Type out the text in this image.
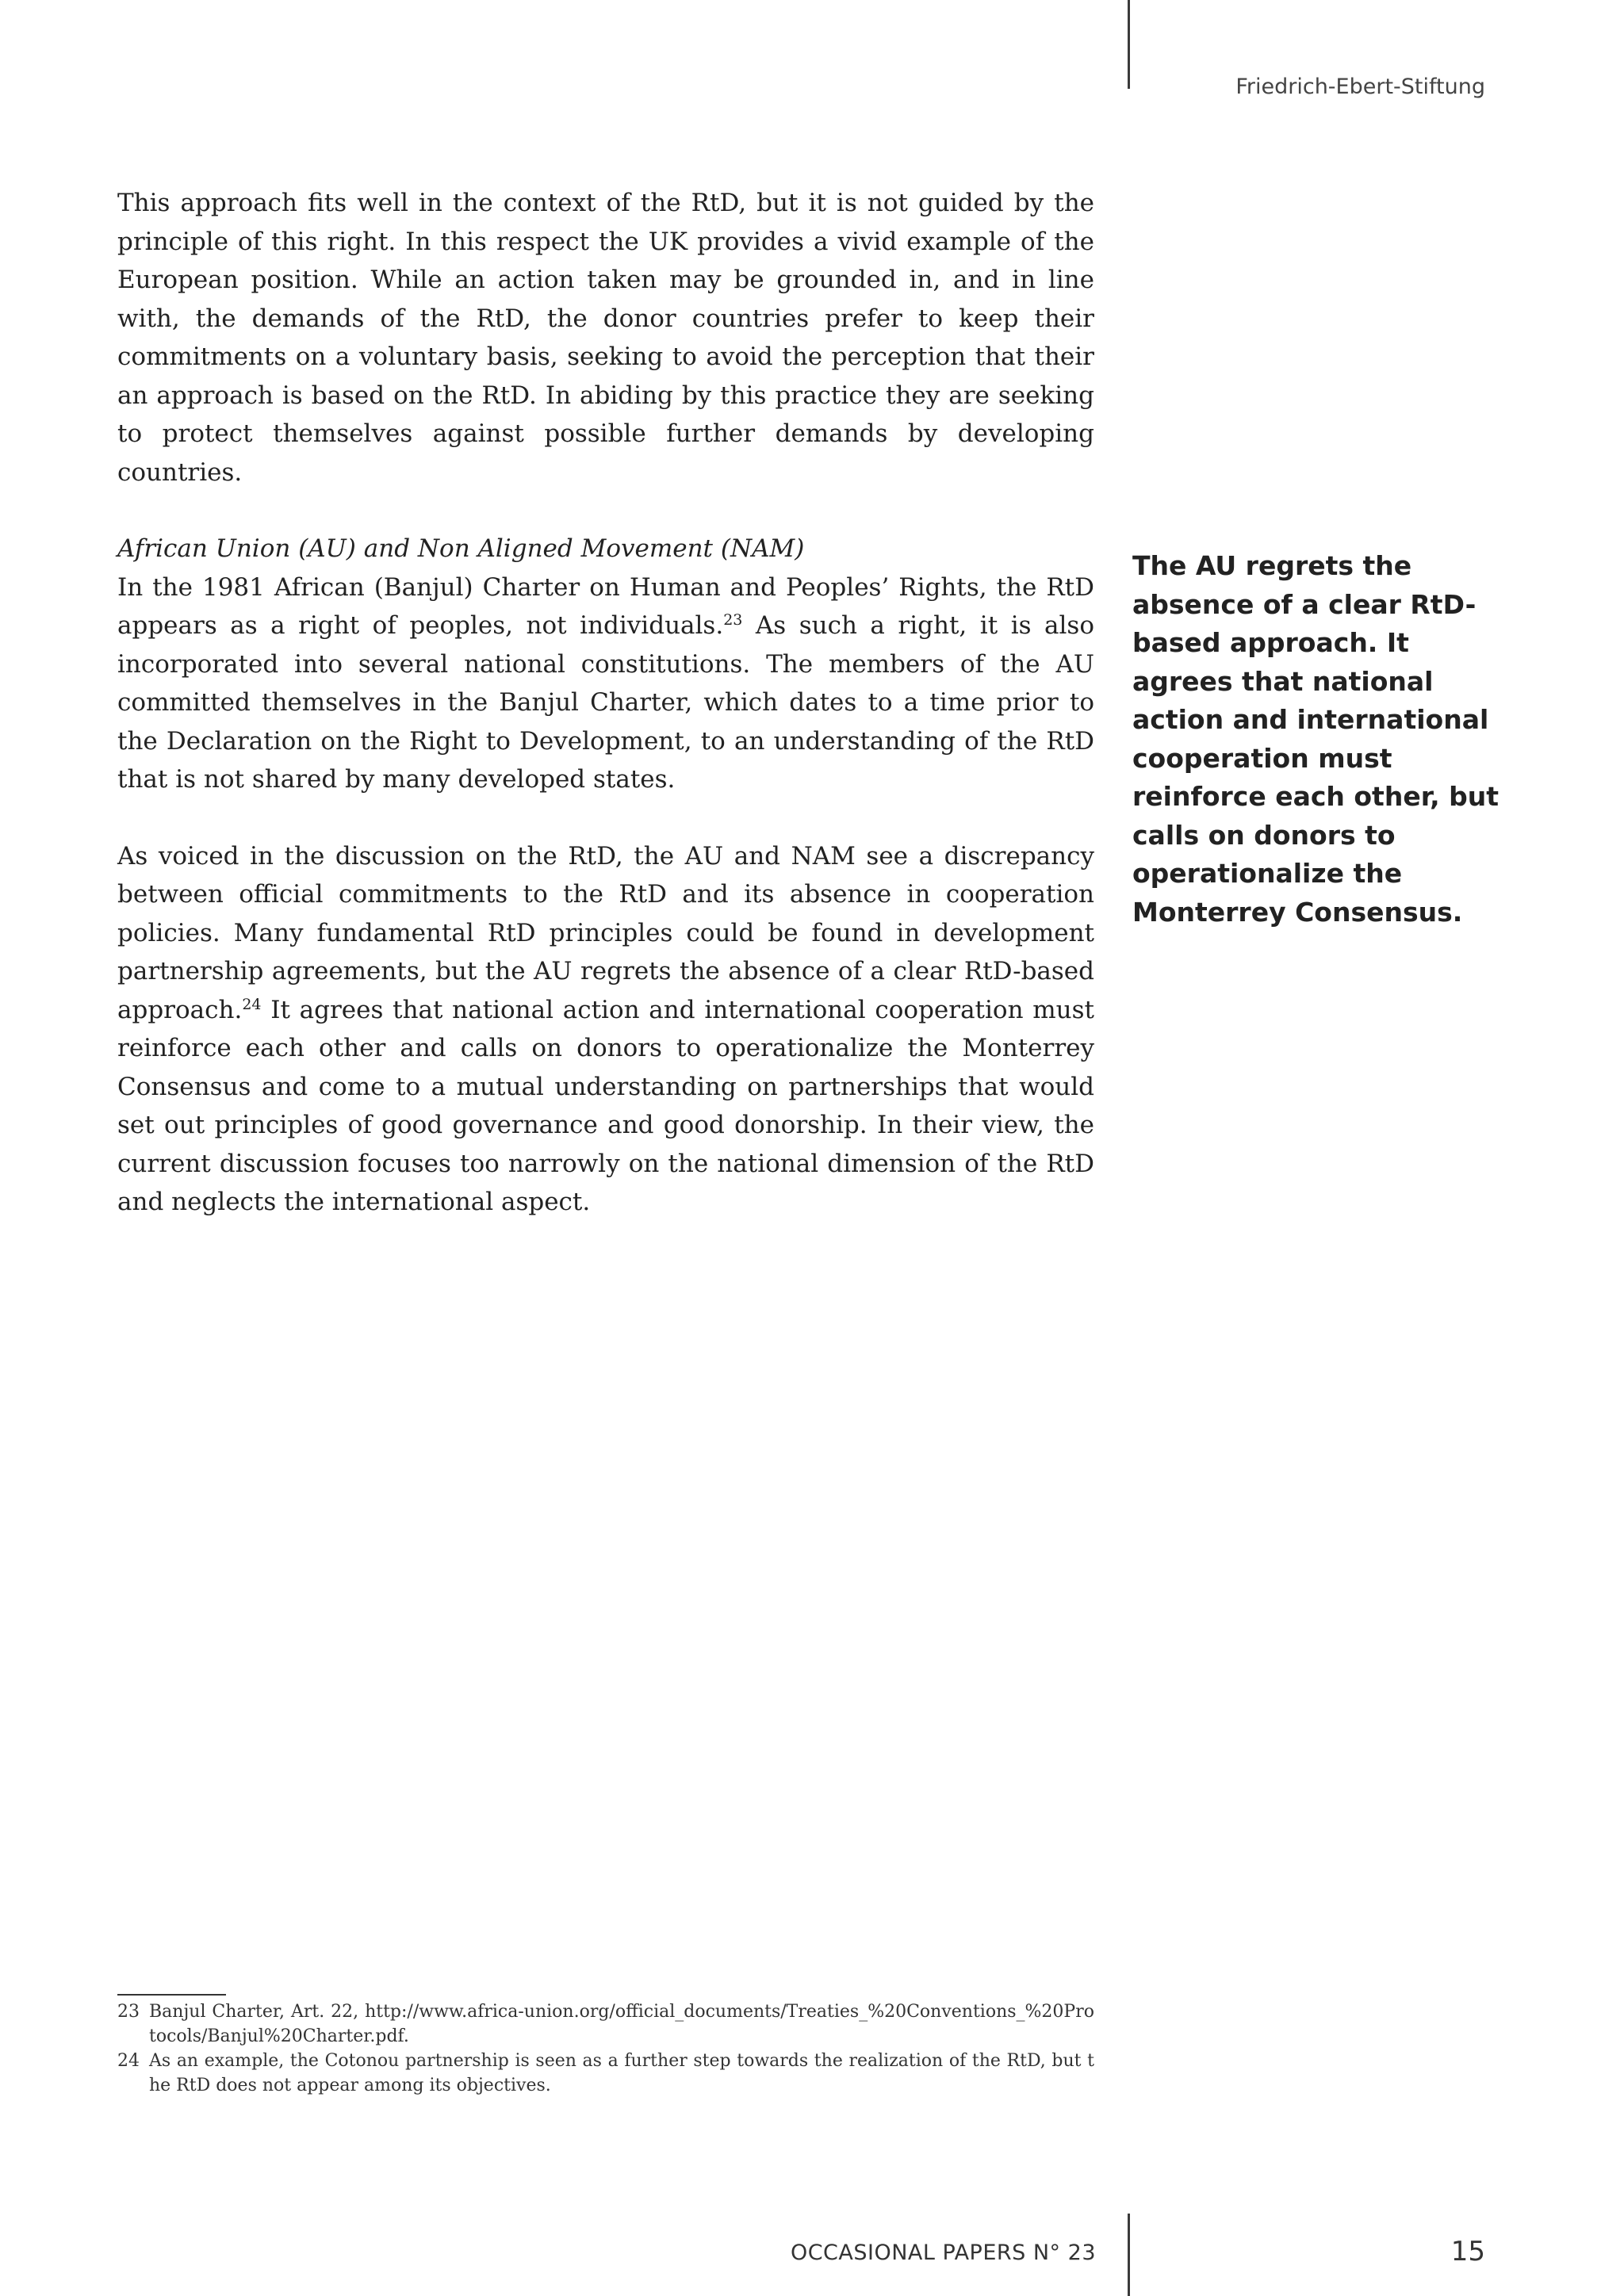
Friedrich-Ebert-Stiftung

This approach fits well in the context of the RtD, but it is not guided by the principle of this right. In this respect the UK provides a vivid example of the European position. While an action taken may be grounded in, and in line with, the demands of the RtD, the donor countries prefer to keep their commitments on a voluntary basis, seeking to avoid the perception that their an approach is based on the RtD. In abiding by this practice they are seeking to protect themselves against possible further demands by developing countries.

African Union (AU) and Non Aligned Movement (NAM)

In the 1981 African (Banjul) Charter on Human and Peoples’ Rights, the RtD appears as a right of peoples, not individuals.$^{23}$ As such a right, it is also incorporated into several national constitutions. The members of the AU committed themselves in the Banjul Charter, which dates to a time prior to the Declaration on the Right to Development, to an understanding of the RtD that is not shared by many developed states.

As voiced in the discussion on the RtD, the AU and NAM see a discrepancy between official commitments to the RtD and its absence in cooperation policies. Many fundamental RtD principles could be found in development partnership agreements, but the AU regrets the absence of a clear RtD-based approach.$^{24}$ It agrees that national action and international cooperation must reinforce each other and calls on donors to operationalize the Monterrey Consensus and come to a mutual understanding on partnerships that would set out principles of good governance and good donorship. In their view, the current discussion focuses too narrowly on the national dimension of the RtD and neglects the international aspect.

The AU regrets the absence of a clear RtD-based approach. It agrees that national action and international cooperation must reinforce each other, but calls on donors to operationalize the Monterrey Consensus.
23 Banjul Charter, Art. 22, http://www.africa-union.org/official_documents/Treaties_%20Conventions_%20Protocols/Banjul%20Charter.pdf.
24 As an example, the Cotonou partnership is seen as a further step towards the realization of the RtD, but the RtD does not appear among its objectives.
OCCASIONAL PAPERS N° 23	15
